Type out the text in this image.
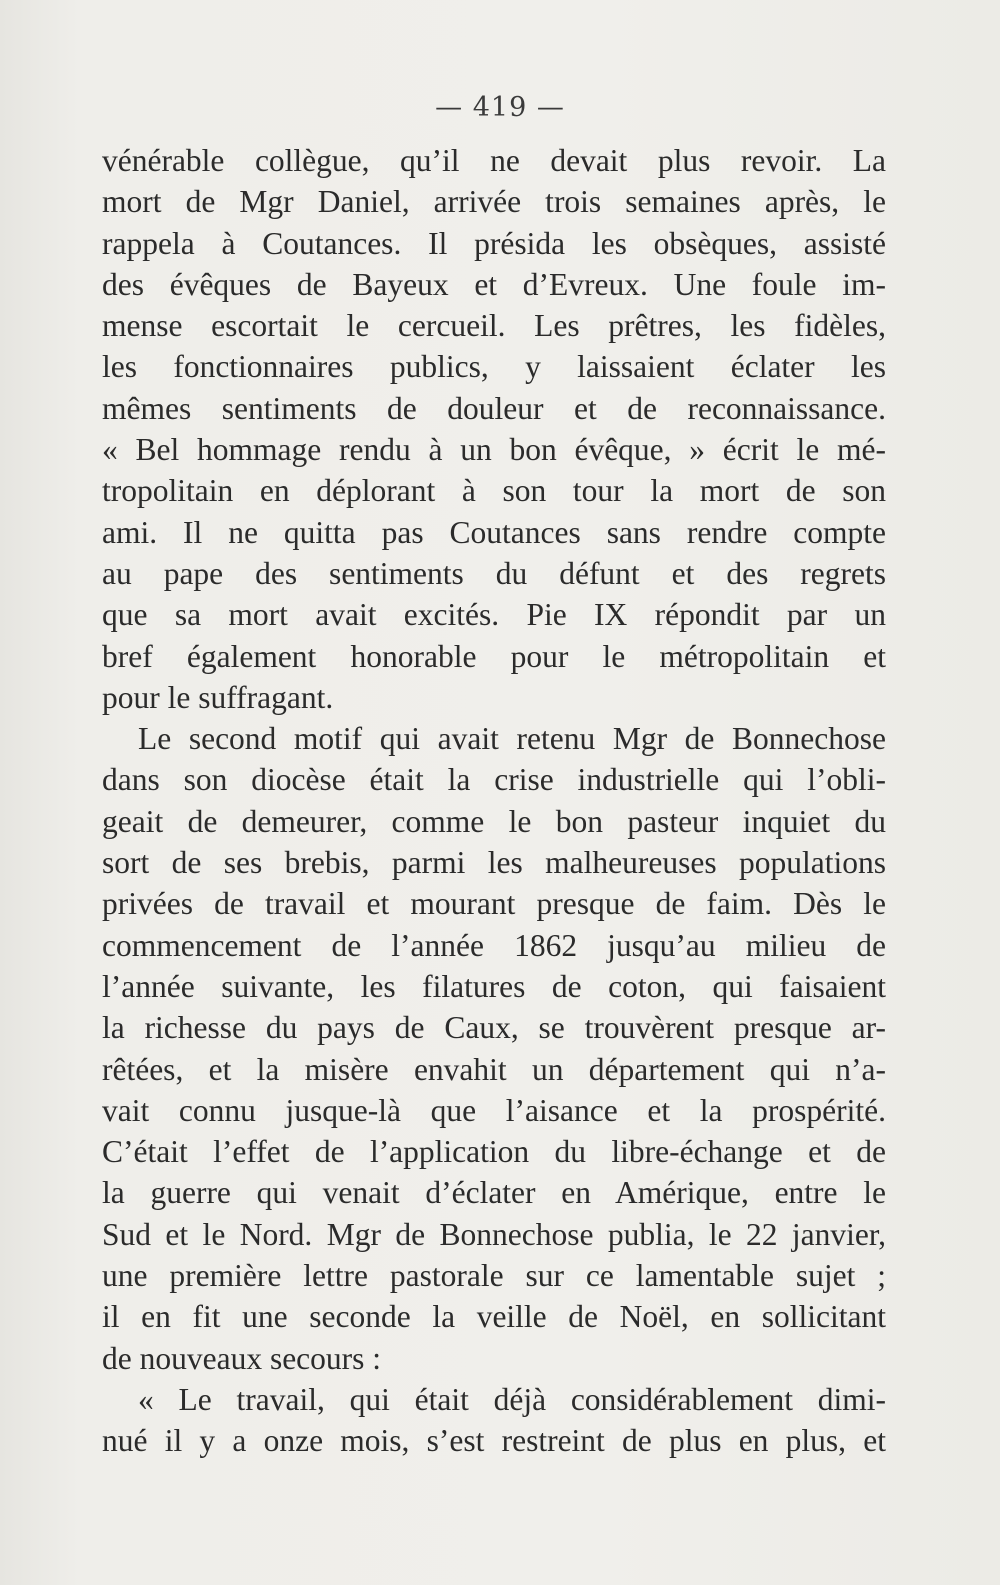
— 419 —
vénérable collègue, qu’il ne devait plus revoir. La
mort de Mgr Daniel, arrivée trois semaines après, le
rappela à Coutances. Il présida les obsèques, assisté
des évêques de Bayeux et d’Evreux. Une foule im-
mense escortait le cercueil. Les prêtres, les fidèles,
les fonctionnaires publics, y laissaient éclater les
mêmes sentiments de douleur et de reconnaissance.
« Bel hommage rendu à un bon évêque, » écrit le mé-
tropolitain en déplorant à son tour la mort de son
ami. Il ne quitta pas Coutances sans rendre compte
au pape des sentiments du défunt et des regrets
que sa mort avait excités. Pie IX répondit par un
bref également honorable pour le métropolitain et
pour le suffragant.
Le second motif qui avait retenu Mgr de Bonnechose
dans son diocèse était la crise industrielle qui l’obli-
geait de demeurer, comme le bon pasteur inquiet du
sort de ses brebis, parmi les malheureuses populations
privées de travail et mourant presque de faim. Dès le
commencement de l’année 1862 jusqu’au milieu de
l’année suivante, les filatures de coton, qui faisaient
la richesse du pays de Caux, se trouvèrent presque ar-
rêtées, et la misère envahit un département qui n’a-
vait connu jusque-là que l’aisance et la prospérité.
C’était l’effet de l’application du libre-échange et de
la guerre qui venait d’éclater en Amérique, entre le
Sud et le Nord. Mgr de Bonnechose publia, le 22 janvier,
une première lettre pastorale sur ce lamentable sujet ;
il en fit une seconde la veille de Noël, en sollicitant
de nouveaux secours :
« Le travail, qui était déjà considérablement dimi-
nué il y a onze mois, s’est restreint de plus en plus, et
